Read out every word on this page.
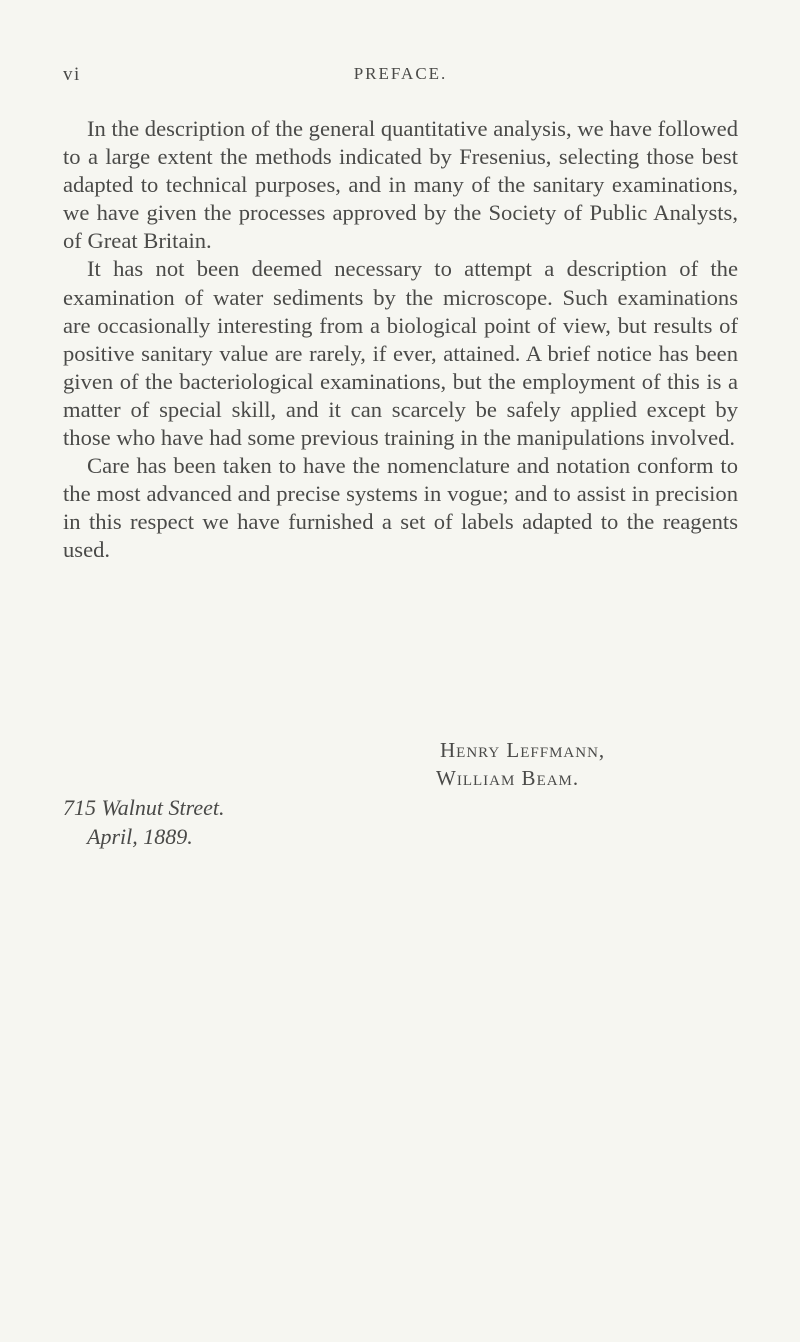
vi	PREFACE.

In the description of the general quantitative analysis, we have followed to a large extent the methods indicated by Fresenius, selecting those best adapted to technical purposes, and in many of the sanitary examinations, we have given the processes approved by the Society of Public Analysts, of Great Britain.

It has not been deemed necessary to attempt a description of the examination of water sediments by the microscope. Such examinations are occasionally interesting from a biological point of view, but results of positive sanitary value are rarely, if ever, attained. A brief notice has been given of the bacteriological examinations, but the employment of this is a matter of special skill, and it can scarcely be safely applied except by those who have had some previous training in the manipulations involved.

Care has been taken to have the nomenclature and notation conform to the most advanced and precise systems in vogue; and to assist in precision in this respect we have furnished a set of labels adapted to the reagents used.

Henry Leffmann,
William Beam.
715 Walnut Street.
April, 1889.
